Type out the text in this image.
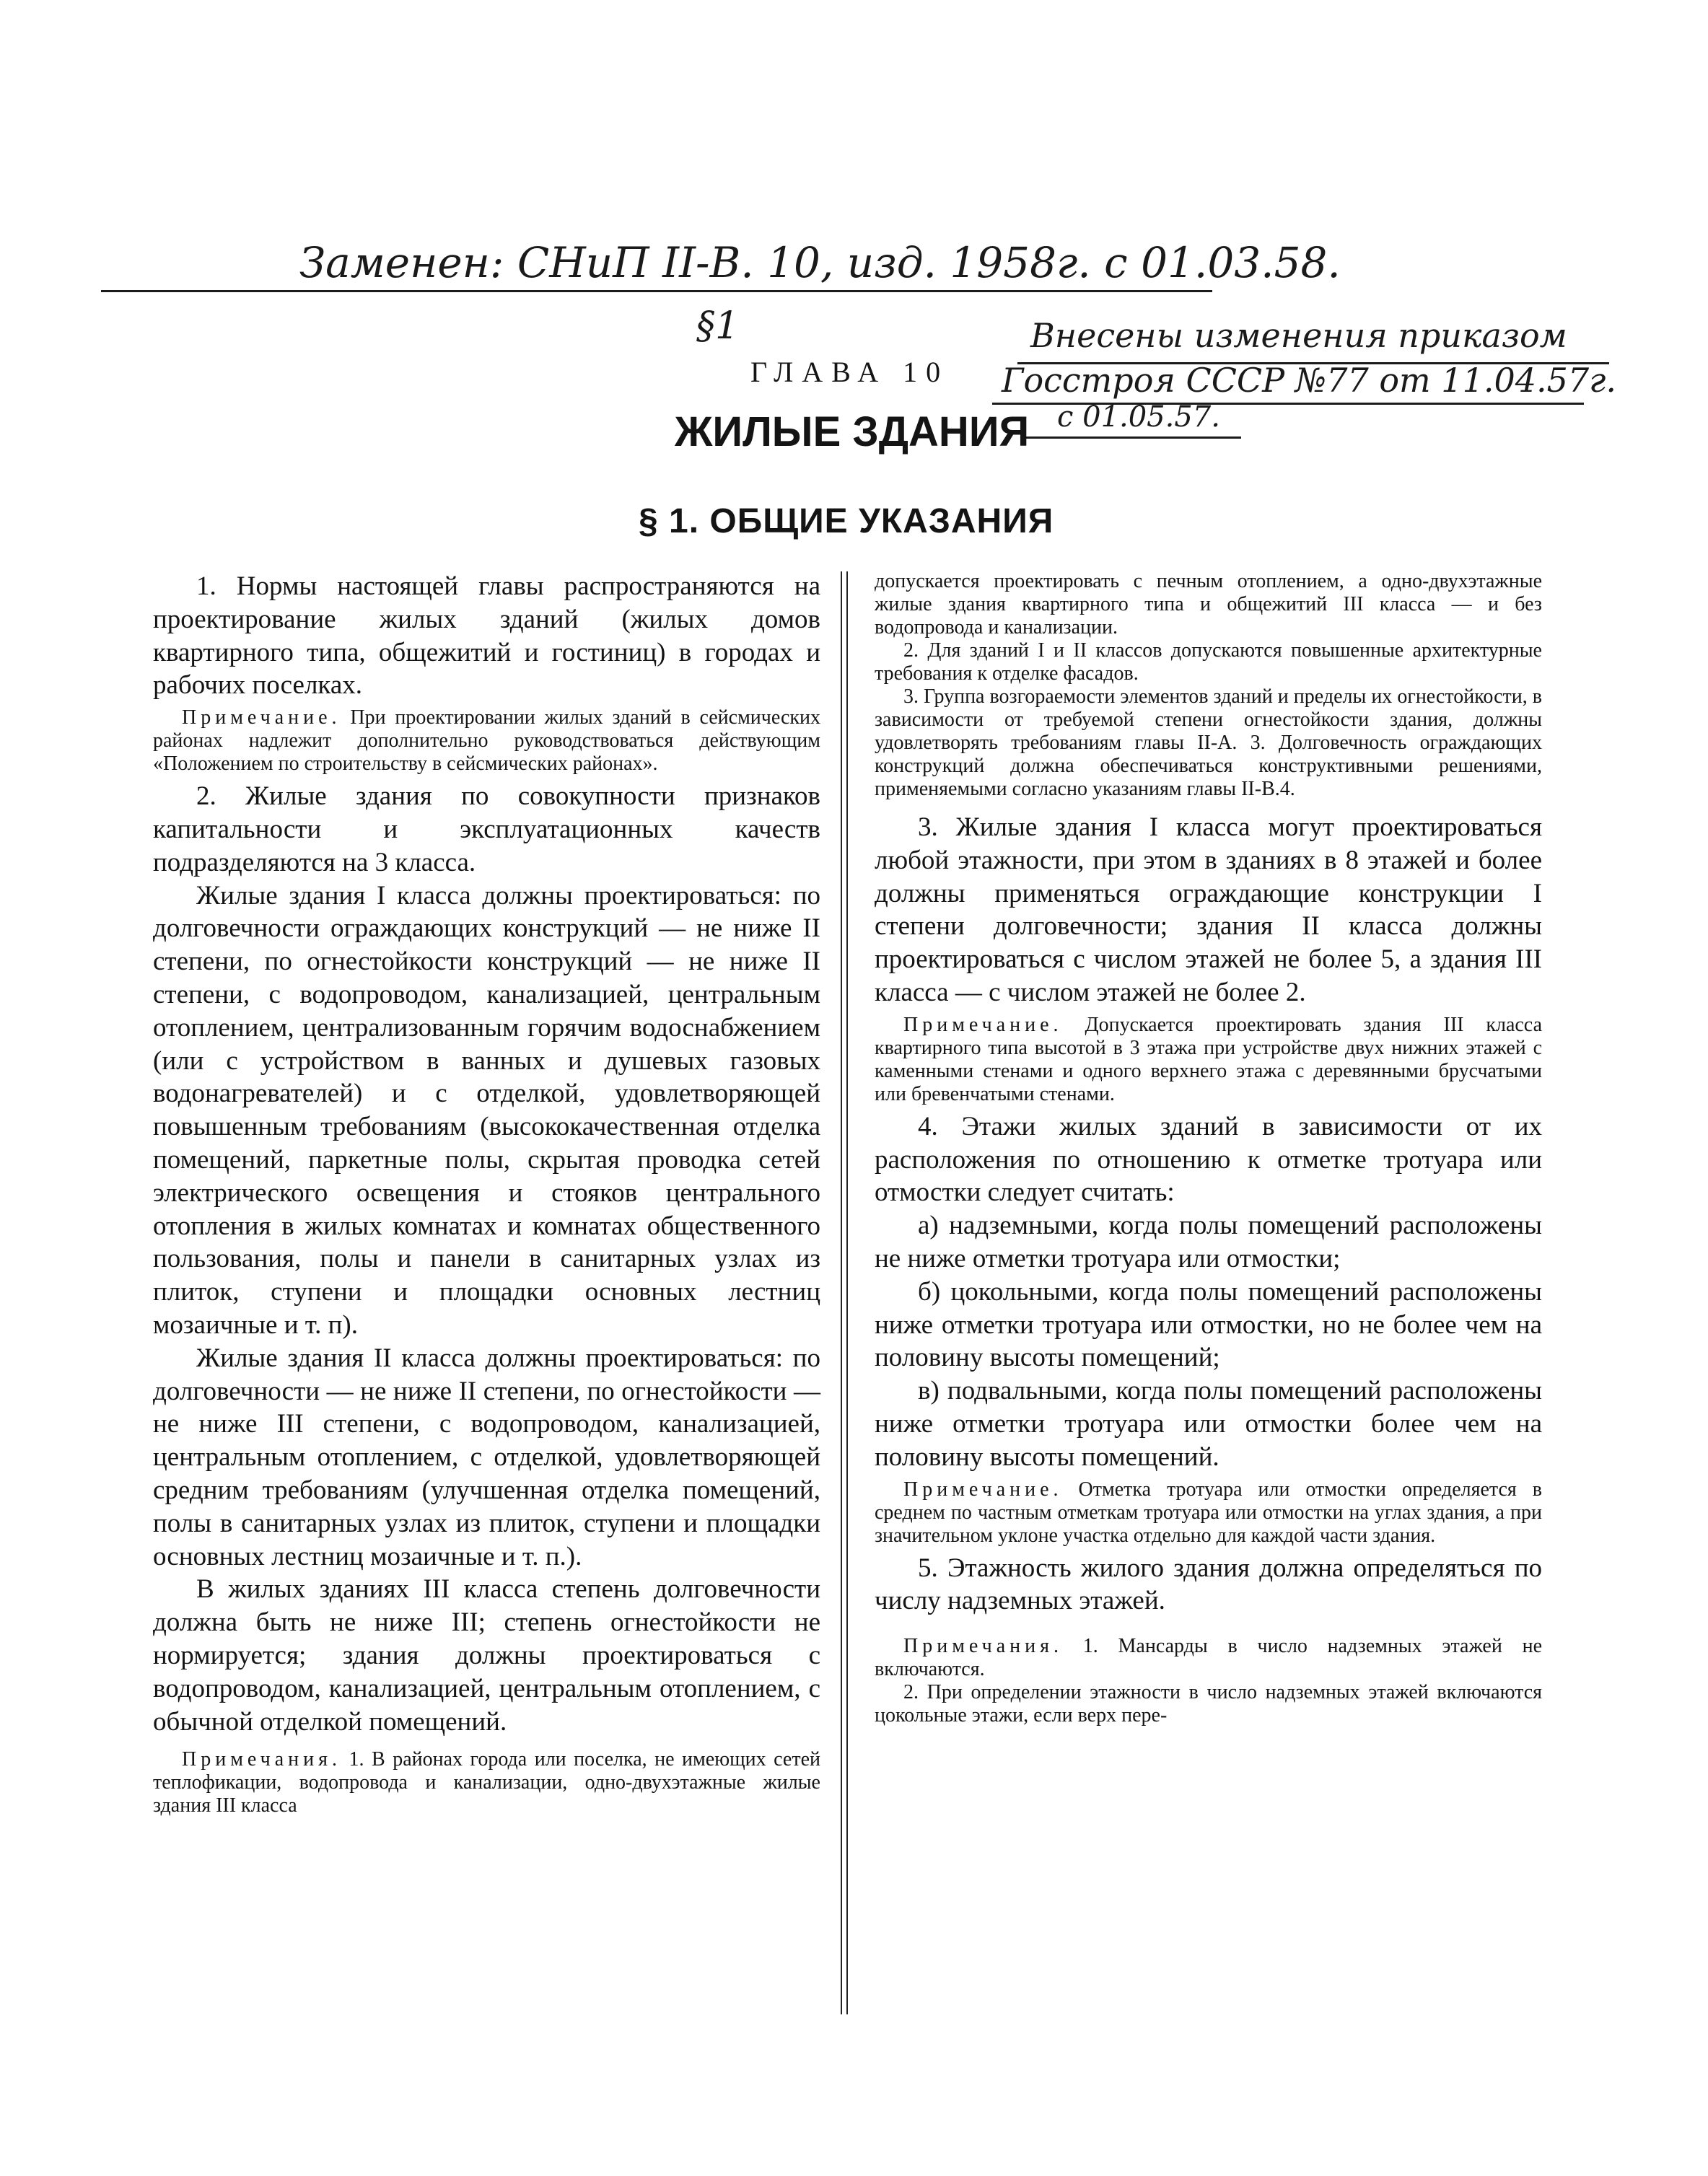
Заменен: СНиП II-В. 10, изд. 1958г. с 01.03.58.
§1	Внесены изменения приказом
Госстроя СССР №77 от 11.04.57г.
с 01.05.57.
ГЛАВА 10
ЖИЛЫЕ ЗДАНИЯ
§ 1. ОБЩИЕ УКАЗАНИЯ

1. Нормы настоящей главы распространяются на проектирование жилых зданий (жилых домов квартирного типа, общежитий и гостиниц) в городах и рабочих поселках.

Примечание. При проектировании жилых зданий в сейсмических районах надлежит дополнительно руководствоваться действующим «Положением по строительству в сейсмических районах».

2. Жилые здания по совокупности признаков капитальности и эксплуатационных качеств подразделяются на 3 класса.

Жилые здания I класса должны проектироваться: по долговечности ограждающих конструкций — не ниже II степени, по огнестойкости конструкций — не ниже II степени, с водопроводом, канализацией, центральным отоплением, централизованным горячим водоснабжением (или с устройством в ванных и душевых газовых водонагревателей) и с отделкой, удовлетворяющей повышенным требованиям (высококачественная отделка помещений, паркетные полы, скрытая проводка сетей электрического освещения и стояков центрального отопления в жилых комнатах и комнатах общественного пользования, полы и панели в санитарных узлах из плиток, ступени и площадки основных лестниц мозаичные и т. п).

Жилые здания II класса должны проектироваться: по долговечности — не ниже II степени, по огнестойкости — не ниже III степени, с водопроводом, канализацией, центральным отоплением, с отделкой, удовлетворяющей средним требованиям (улучшенная отделка помещений, полы в санитарных узлах из плиток, ступени и площадки основных лестниц мозаичные и т. п.).

В жилых зданиях III класса степень долговечности должна быть не ниже III; степень огнестойкости не нормируется; здания должны проектироваться с водопроводом, канализацией, центральным отоплением, с обычной отделкой помещений.

Примечания. 1. В районах города или поселка, не имеющих сетей теплофикации, водопровода и канализации, одно-двухэтажные жилые здания III класса

допускается проектировать с печным отоплением, а одно-двухэтажные жилые здания квартирного типа и общежитий III класса — и без водопровода и канализации.

2. Для зданий I и II классов допускаются повышенные архитектурные требования к отделке фасадов.

3. Группа возгораемости элементов зданий и пределы их огнестойкости, в зависимости от требуемой степени огнестойкости здания, должны удовлетворять требованиям главы II-А. 3. Долговечность ограждающих конструкций должна обеспечиваться конструктивными решениями, применяемыми согласно указаниям главы II-В.4.

3. Жилые здания I класса могут проектироваться любой этажности, при этом в зданиях в 8 этажей и более должны применяться ограждающие конструкции I степени долговечности; здания II класса должны проектироваться с числом этажей не более 5, а здания III класса — с числом этажей не более 2.

Примечание. Допускается проектировать здания III класса квартирного типа высотой в 3 этажа при устройстве двух нижних этажей с каменными стенами и одного верхнего этажа с деревянными брусчатыми или бревенчатыми стенами.

4. Этажи жилых зданий в зависимости от их расположения по отношению к отметке тротуара или отмостки следует считать:

а) надземными, когда полы помещений расположены не ниже отметки тротуара или отмостки;

б) цокольными, когда полы помещений расположены ниже отметки тротуара или отмостки, но не более чем на половину высоты помещений;

в) подвальными, когда полы помещений расположены ниже отметки тротуара или отмостки более чем на половину высоты помещений.

Примечание. Отметка тротуара или отмостки определяется в среднем по частным отметкам тротуара или отмостки на углах здания, а при значительном уклоне участка отдельно для каждой части здания.

5. Этажность жилого здания должна определяться по числу надземных этажей.

Примечания. 1. Мансарды в число надземных этажей не включаются.

2. При определении этажности в число надземных этажей включаются цокольные этажи, если верх пере-
